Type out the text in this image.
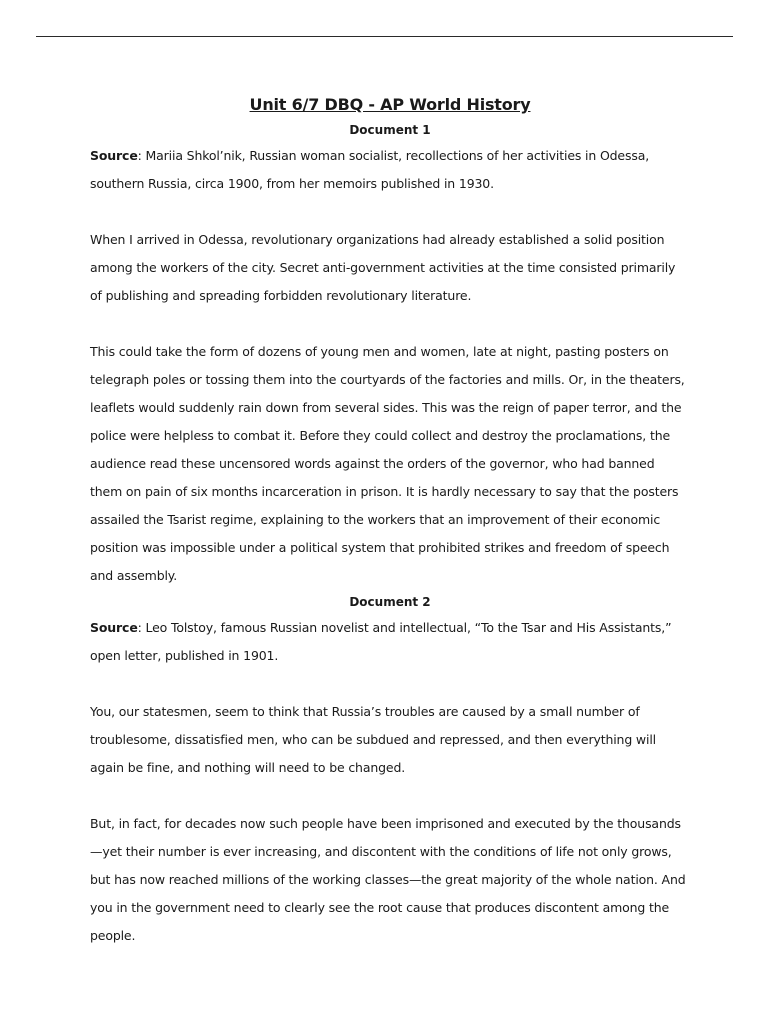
Unit 6/7 DBQ - AP World History
Document 1

Source: Mariia Shkol’nik, Russian woman socialist, recollections of her activities in Odessa, southern Russia, circa 1900, from her memoirs published in 1930.

When I arrived in Odessa, revolutionary organizations had already established a solid position among the workers of the city. Secret anti-government activities at the time consisted primarily of publishing and spreading forbidden revolutionary literature.

This could take the form of dozens of young men and women, late at night, pasting posters on telegraph poles or tossing them into the courtyards of the factories and mills. Or, in the theaters, leaflets would suddenly rain down from several sides. This was the reign of paper terror, and the police were helpless to combat it. Before they could collect and destroy the proclamations, the audience read these uncensored words against the orders of the governor, who had banned them on pain of six months incarceration in prison. It is hardly necessary to say that the posters assailed the Tsarist regime, explaining to the workers that an improvement of their economic position was impossible under a political system that prohibited strikes and freedom of speech and assembly.

Document 2

Source: Leo Tolstoy, famous Russian novelist and intellectual, “To the Tsar and His Assistants,” open letter, published in 1901.

You, our statesmen, seem to think that Russia’s troubles are caused by a small number of troublesome, dissatisfied men, who can be subdued and repressed, and then everything will again be fine, and nothing will need to be changed.

But, in fact, for decades now such people have been imprisoned and executed by the thousands—yet their number is ever increasing, and discontent with the conditions of life not only grows, but has now reached millions of the working classes—the great majority of the whole nation. And you in the government need to clearly see the root cause that produces discontent among the people.
